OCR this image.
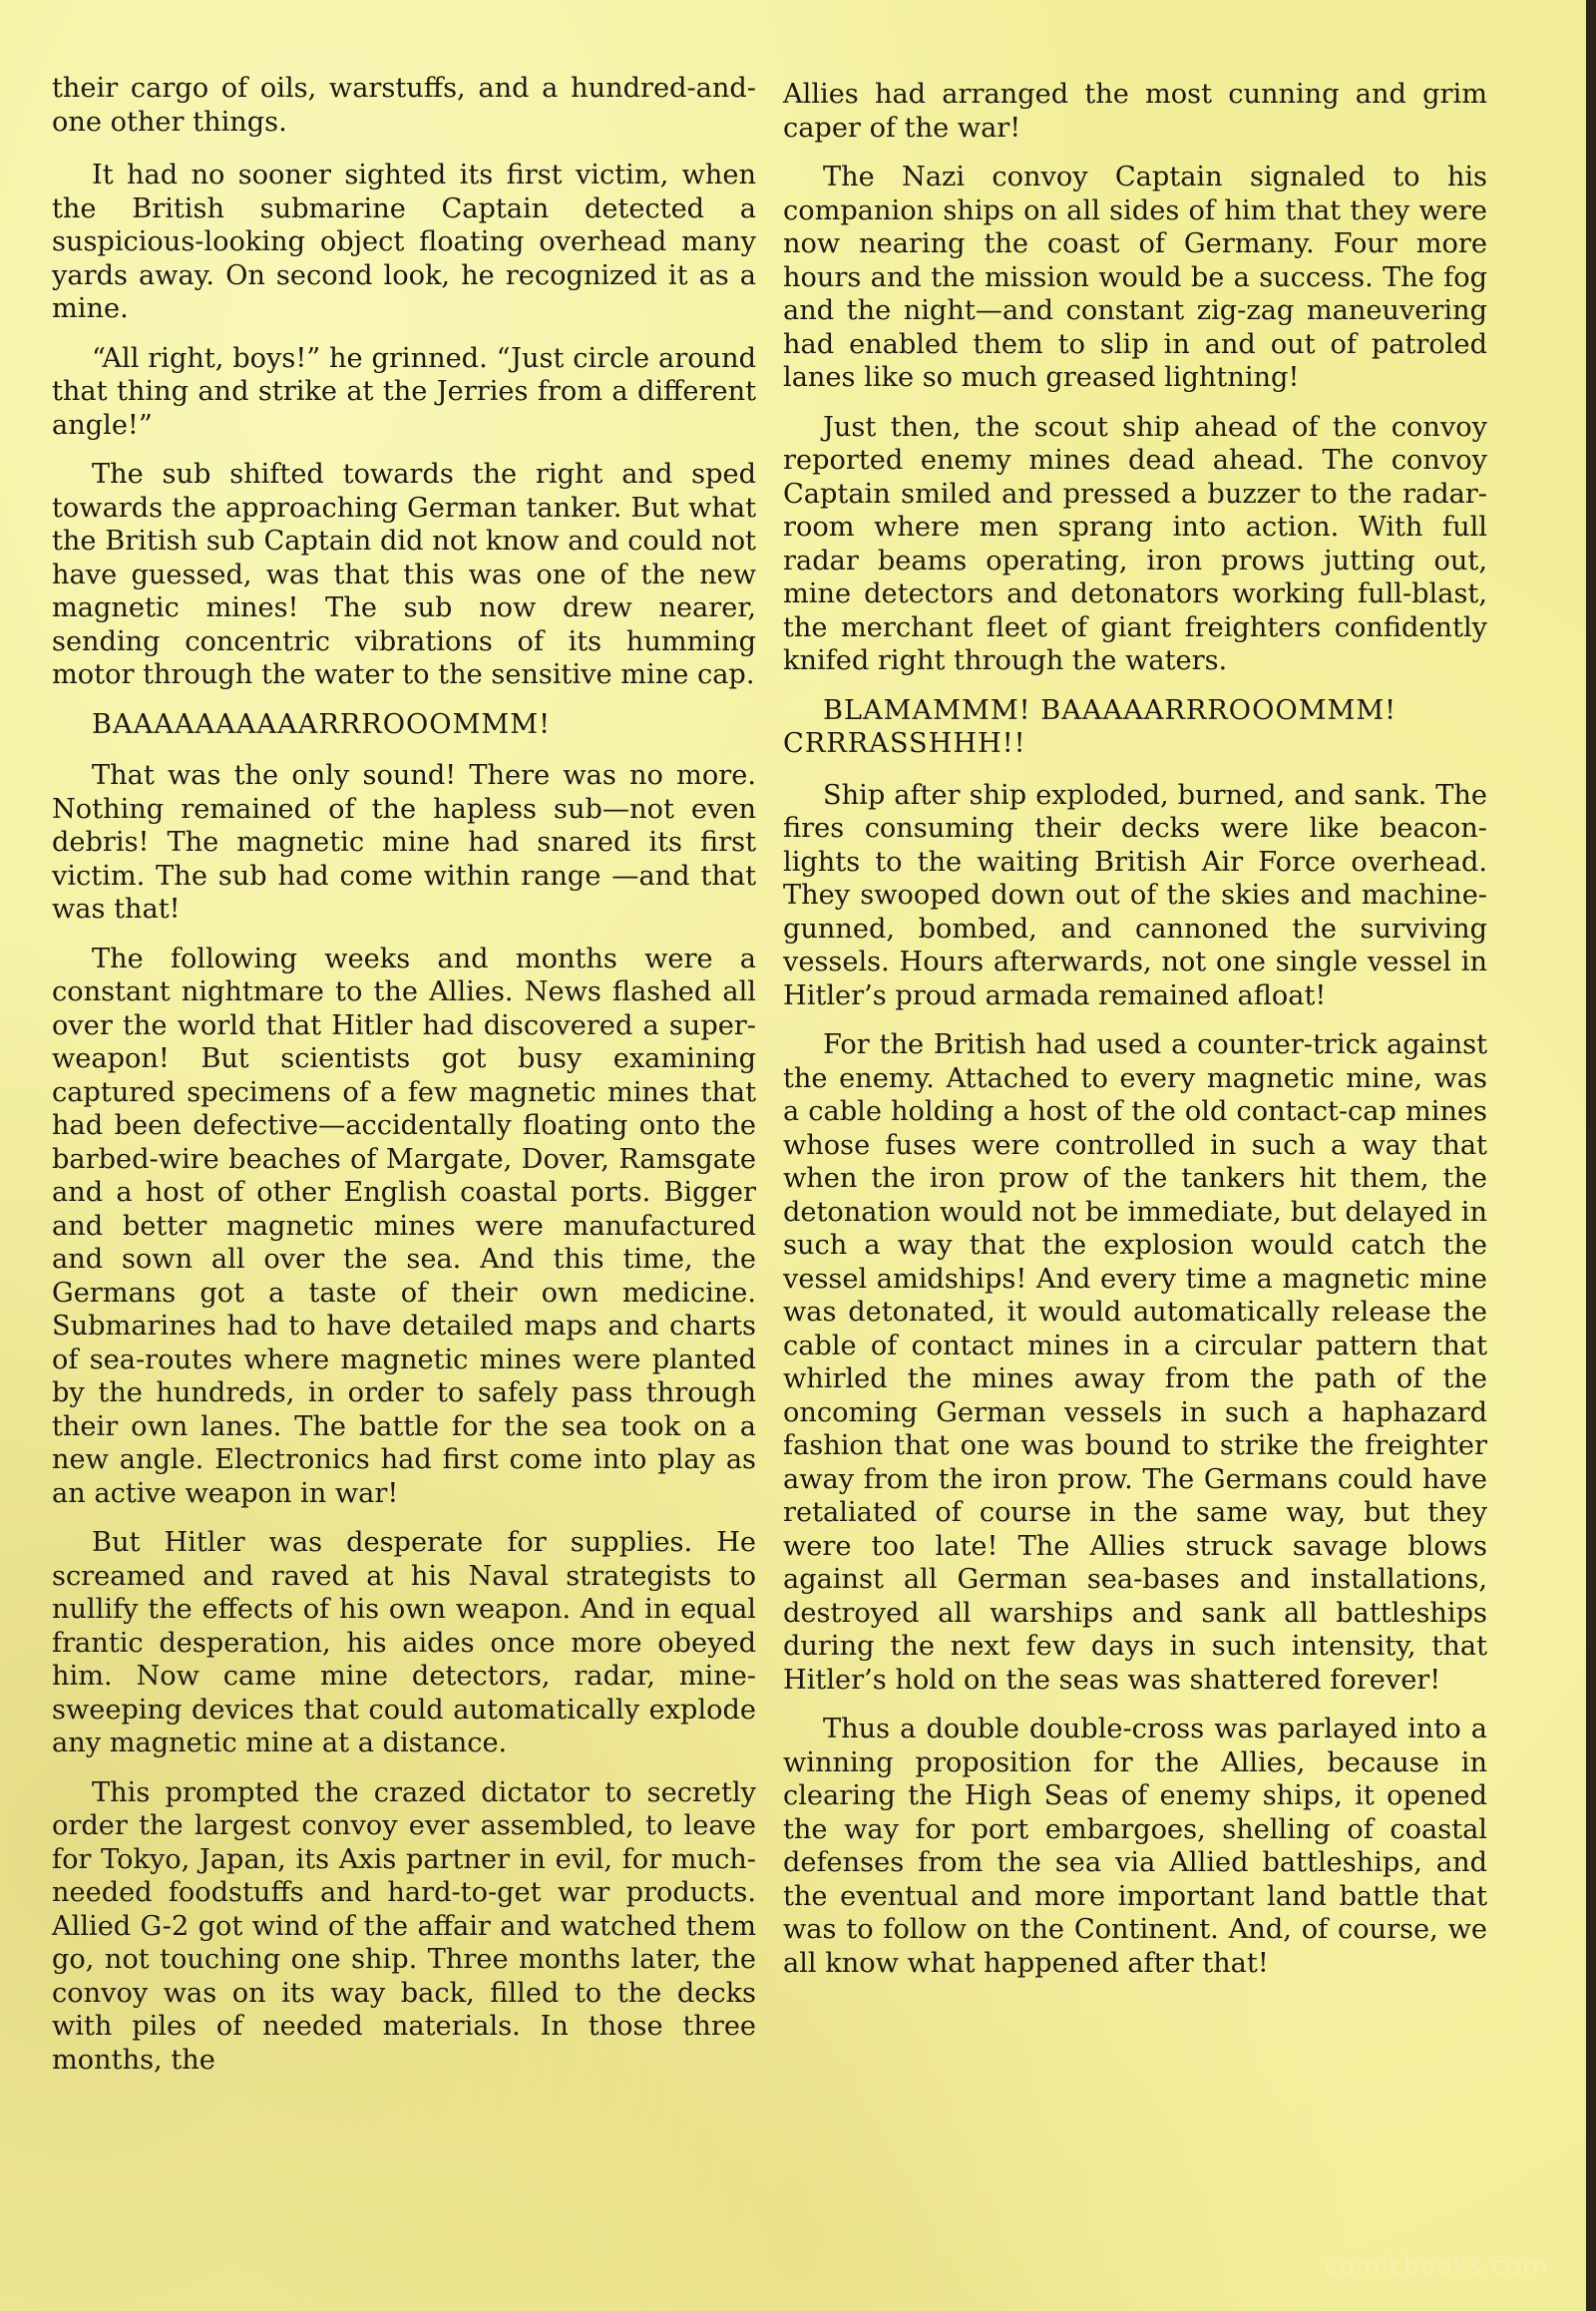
their cargo of oils, warstuffs, and a hundred-and-one other things.

It had no sooner sighted its first victim, when the British submarine Captain detected a suspicious-looking object floating overhead many yards away. On second look, he recognized it as a mine.

“All right, boys!” he grinned. “Just circle around that thing and strike at the Jerries from a different angle!”

The sub shifted towards the right and sped towards the approaching German tanker. But what the British sub Captain did not know and could not have guessed, was that this was one of the new magnetic mines! The sub now drew nearer, sending concentric vibrations of its humming motor through the water to the sensitive mine cap.

BAAAAAAAAAARRROOOMMM!

That was the only sound! There was no more. Nothing remained of the hapless sub—not even debris! The magnetic mine had snared its first victim. The sub had come within range —and that was that!

The following weeks and months were a constant nightmare to the Allies. News flashed all over the world that Hitler had discovered a super-weapon! But scientists got busy examining captured specimens of a few magnetic mines that had been defective—accidentally floating onto the barbed-wire beaches of Margate, Dover, Ramsgate and a host of other English coastal ports. Bigger and better magnetic mines were manufactured and sown all over the sea. And this time, the Germans got a taste of their own medicine. Submarines had to have detailed maps and charts of sea-routes where magnetic mines were planted by the hundreds, in order to safely pass through their own lanes. The battle for the sea took on a new angle. Electronics had first come into play as an active weapon in war!

But Hitler was desperate for supplies. He screamed and raved at his Naval strategists to nullify the effects of his own weapon. And in equal frantic desperation, his aides once more obeyed him. Now came mine detectors, radar, mine-sweeping devices that could automatically explode any magnetic mine at a distance.

This prompted the crazed dictator to secretly order the largest convoy ever assembled, to leave for Tokyo, Japan, its Axis partner in evil, for much-needed foodstuffs and hard-to-get war products. Allied G-2 got wind of the affair and watched them go, not touching one ship. Three months later, the convoy was on its way back, filled to the decks with piles of needed materials. In those three months, the

Allies had arranged the most cunning and grim caper of the war!

The Nazi convoy Captain signaled to his companion ships on all sides of him that they were now nearing the coast of Germany. Four more hours and the mission would be a success. The fog and the night—and constant zig-zag maneuvering had enabled them to slip in and out of patroled lanes like so much greased lightning!

Just then, the scout ship ahead of the convoy reported enemy mines dead ahead. The convoy Captain smiled and pressed a buzzer to the radar-room where men sprang into action. With full radar beams operating, iron prows jutting out, mine detectors and detonators working full-blast, the merchant fleet of giant freighters confidently knifed right through the waters.

BLAMAMMM! BAAAAARRROOOMMM! CRRRASSHHH!!

Ship after ship exploded, burned, and sank. The fires consuming their decks were like beacon-lights to the waiting British Air Force overhead. They swooped down out of the skies and machine-gunned, bombed, and cannoned the surviving vessels. Hours afterwards, not one single vessel in Hitler’s proud armada remained afloat!

For the British had used a counter-trick against the enemy. Attached to every magnetic mine, was a cable holding a host of the old contact-cap mines whose fuses were controlled in such a way that when the iron prow of the tankers hit them, the detonation would not be immediate, but delayed in such a way that the explosion would catch the vessel amidships! And every time a magnetic mine was detonated, it would automatically release the cable of contact mines in a circular pattern that whirled the mines away from the path of the oncoming German vessels in such a haphazard fashion that one was bound to strike the freighter away from the iron prow. The Germans could have retaliated of course in the same way, but they were too late! The Allies struck savage blows against all German sea-bases and installations, destroyed all warships and sank all battleships during the next few days in such intensity, that Hitler’s hold on the seas was shattered forever!

Thus a double double-cross was parlayed into a winning proposition for the Allies, because in clearing the High Seas of enemy ships, it opened the way for port embargoes, shelling of coastal defenses from the sea via Allied battleships, and the eventual and more important land battle that was to follow on the Continent. And, of course, we all know what happened after that!

comicbooks.com
